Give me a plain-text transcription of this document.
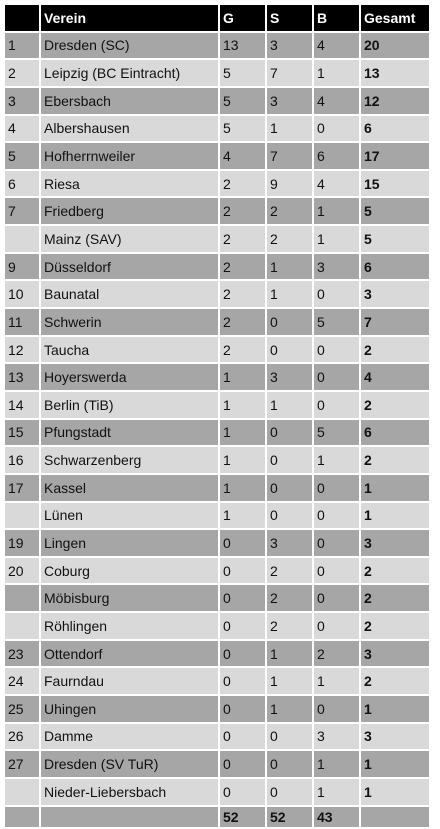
	Verein	G	S	B	Gesamt
1	Dresden (SC)	13	3	4	20
2	Leipzig (BC Eintracht)	5	7	1	13
3	Ebersbach	5	3	4	12
4	Albershausen	5	1	0	6
5	Hofherrnweiler	4	7	6	17
6	Riesa	2	9	4	15
7	Friedberg	2	2	1	5
	Mainz (SAV)	2	2	1	5
9	Düsseldorf	2	1	3	6
10	Baunatal	2	1	0	3
11	Schwerin	2	0	5	7
12	Taucha	2	0	0	2
13	Hoyerswerda	1	3	0	4
14	Berlin (TiB)	1	1	0	2
15	Pfungstadt	1	0	5	6
16	Schwarzenberg	1	0	1	2
17	Kassel	1	0	0	1
	Lünen	1	0	0	1
19	Lingen	0	3	0	3
20	Coburg	0	2	0	2
	Möbisburg	0	2	0	2
	Röhlingen	0	2	0	2
23	Ottendorf	0	1	2	3
24	Faurndau	0	1	1	2
25	Uhingen	0	1	0	1
26	Damme	0	0	3	3
27	Dresden (SV TuR)	0	0	1	1
	Nieder-Liebersbach	0	0	1	1
		52	52	43	
